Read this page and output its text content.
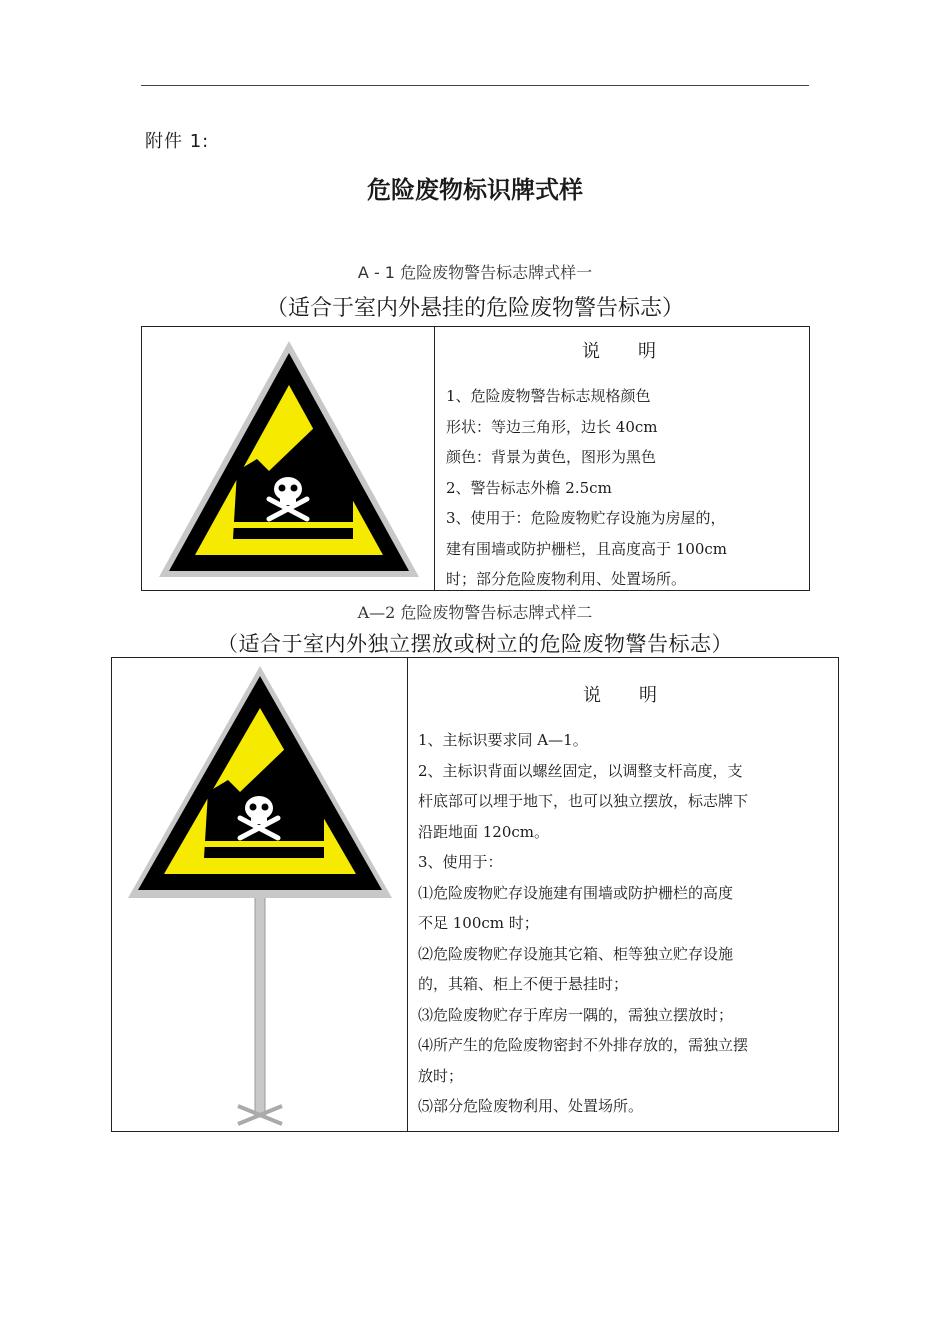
附件 1:
危险废物标识牌式样
A - 1 危险废物警告标志牌式样一
（适合于室内外悬挂的危险废物警告标志）
说　明
1、危险废物警告标志规格颜色
形状：等边三角形，边长 40cm
颜色：背景为黄色，图形为黑色
2、警告标志外檐 2.5cm
3、使用于：危险废物贮存设施为房屋的，
建有围墙或防护栅栏，且高度高于 100cm
时；部分危险废物利用、处置场所。
A—2 危险废物警告标志牌式样二
（适合于室内外独立摆放或树立的危险废物警告标志）
说　明
1、主标识要求同 A—1。
2、主标识背面以螺丝固定，以调整支杆高度，支
杆底部可以埋于地下，也可以独立摆放，标志牌下
沿距地面 120cm。
3、使用于：
⑴危险废物贮存设施建有围墙或防护栅栏的高度
不足 100cm 时；
⑵危险废物贮存设施其它箱、柜等独立贮存设施
的，其箱、柜上不便于悬挂时；
⑶危险废物贮存于库房一隅的，需独立摆放时；
⑷所产生的危险废物密封不外排存放的，需独立摆
放时；
⑸部分危险废物利用、处置场所。
